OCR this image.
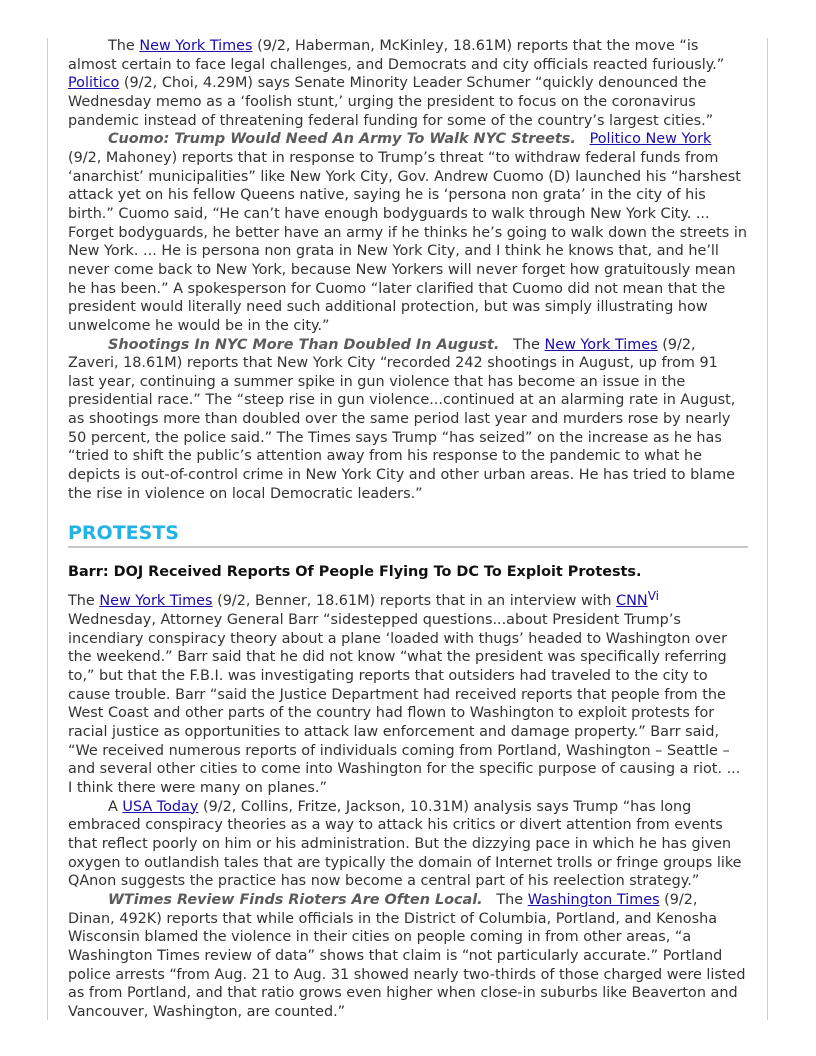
The New York Times (9/2, Haberman, McKinley, 18.61M) reports that the move “is almost certain to face legal challenges, and Democrats and city officials reacted furiously.” Politico (9/2, Choi, 4.29M) says Senate Minority Leader Schumer “quickly denounced the Wednesday memo as a ‘foolish stunt,’ urging the president to focus on the coronavirus pandemic instead of threatening federal funding for some of the country’s largest cities.”

Cuomo: Trump Would Need An Army To Walk NYC Streets. Politico New York (9/2, Mahoney) reports that in response to Trump’s threat “to withdraw federal funds from ‘anarchist’ municipalities” like New York City, Gov. Andrew Cuomo (D) launched his “harshest attack yet on his fellow Queens native, saying he is ‘persona non grata’ in the city of his birth.” Cuomo said, “He can’t have enough bodyguards to walk through New York City. ... Forget bodyguards, he better have an army if he thinks he’s going to walk down the streets in New York. ... He is persona non grata in New York City, and I think he knows that, and he’ll never come back to New York, because New Yorkers will never forget how gratuitously mean he has been.” A spokesperson for Cuomo “later clarified that Cuomo did not mean that the president would literally need such additional protection, but was simply illustrating how unwelcome he would be in the city.”

Shootings In NYC More Than Doubled In August.   The New York Times (9/2, Zaveri, 18.61M) reports that New York City “recorded 242 shootings in August, up from 91 last year, continuing a summer spike in gun violence that has become an issue in the presidential race.” The “steep rise in gun violence...continued at an alarming rate in August, as shootings more than doubled over the same period last year and murders rose by nearly 50 percent, the police said.” The Times says Trump “has seized” on the increase as he has “tried to shift the public’s attention away from his response to the pandemic to what he depicts is out-of-control crime in New York City and other urban areas. He has tried to blame the rise in violence on local Democratic leaders.”

PROTESTS
Barr: DOJ Received Reports Of People Flying To DC To Exploit Protests.

The New York Times (9/2, Benner, 18.61M) reports that in an interview with $CNN^{Vi}$  Wednesday, Attorney General Barr “sidestepped questions...about President Trump’s incendiary conspiracy theory about a plane ‘loaded with thugs’ headed to Washington over the weekend.” Barr said that he did not know “what the president was specifically referring to,” but that the F.B.I. was investigating reports that outsiders had traveled to the city to cause trouble. Barr “said the Justice Department had received reports that people from the West Coast and other parts of the country had flown to Washington to exploit protests for racial justice as opportunities to attack law enforcement and damage property.” Barr said, “We received numerous reports of individuals coming from Portland, Washington – Seattle – and several other cities to come into Washington for the specific purpose of causing a riot. ... I think there were many on planes.”

A USA Today (9/2, Collins, Fritze, Jackson, 10.31M) analysis says Trump “has long embraced conspiracy theories as a way to attack his critics or divert attention from events that reflect poorly on him or his administration. But the dizzying pace in which he has given oxygen to outlandish tales that are typically the domain of Internet trolls or fringe groups like QAnon suggests the practice has now become a central part of his reelection strategy.”

WTimes Review Finds Rioters Are Often Local.   The Washington Times (9/2, Dinan, 492K) reports that while officials in the District of Columbia, Portland, and Kenosha Wisconsin blamed the violence in their cities on people coming in from other areas, “a Washington Times review of data” shows that claim is “not particularly accurate.” Portland police arrests “from Aug. 21 to Aug. 31 showed nearly two-thirds of those charged were listed as from Portland, and that ratio grows even higher when close-in suburbs like Beaverton and Vancouver, Washington, are counted.”
